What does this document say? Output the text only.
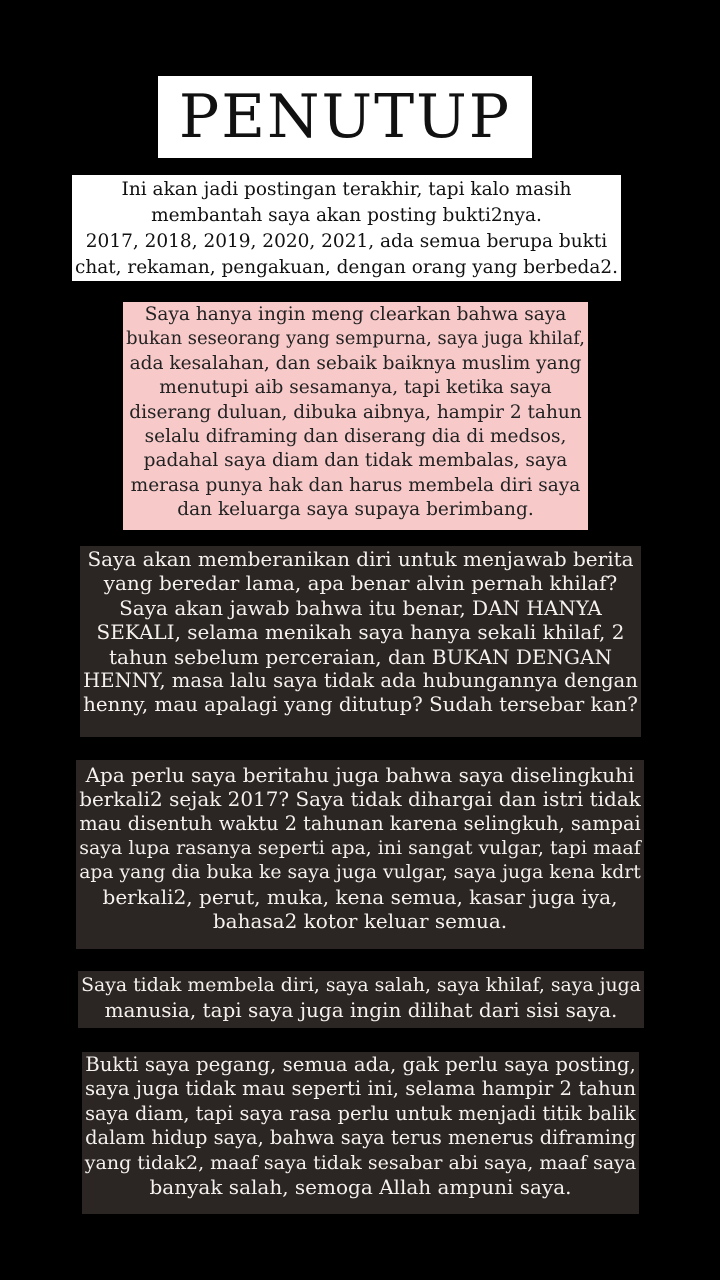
PENUTUP
Ini akan jadi postingan terakhir, tapi kalo masih
membantah saya akan posting bukti2nya.
2017, 2018, 2019, 2020, 2021, ada semua berupa bukti
chat, rekaman, pengakuan, dengan orang yang berbeda2.
Saya hanya ingin meng clearkan bahwa saya
bukan seseorang yang sempurna, saya juga khilaf,
ada kesalahan, dan sebaik baiknya muslim yang
menutupi aib sesamanya, tapi ketika saya
diserang duluan, dibuka aibnya, hampir 2 tahun
selalu diframing dan diserang dia di medsos,
padahal saya diam dan tidak membalas, saya
merasa punya hak dan harus membela diri saya
dan keluarga saya supaya berimbang.
Saya akan memberanikan diri untuk menjawab berita
yang beredar lama, apa benar alvin pernah khilaf?
Saya akan jawab bahwa itu benar, DAN HANYA
SEKALI, selama menikah saya hanya sekali khilaf, 2
tahun sebelum perceraian, dan BUKAN DENGAN
HENNY, masa lalu saya tidak ada hubungannya dengan
henny, mau apalagi yang ditutup? Sudah tersebar kan?
Apa perlu saya beritahu juga bahwa saya diselingkuhi
berkali2 sejak 2017? Saya tidak dihargai dan istri tidak
mau disentuh waktu 2 tahunan karena selingkuh, sampai
saya lupa rasanya seperti apa, ini sangat vulgar, tapi maaf
apa yang dia buka ke saya juga vulgar, saya juga kena kdrt
berkali2, perut, muka, kena semua, kasar juga iya,
bahasa2 kotor keluar semua.
Saya tidak membela diri, saya salah, saya khilaf, saya juga
manusia, tapi saya juga ingin dilihat dari sisi saya.
Bukti saya pegang, semua ada, gak perlu saya posting,
saya juga tidak mau seperti ini, selama hampir 2 tahun
saya diam, tapi saya rasa perlu untuk menjadi titik balik
dalam hidup saya, bahwa saya terus menerus diframing
yang tidak2, maaf saya tidak sesabar abi saya, maaf saya
banyak salah, semoga Allah ampuni saya.
